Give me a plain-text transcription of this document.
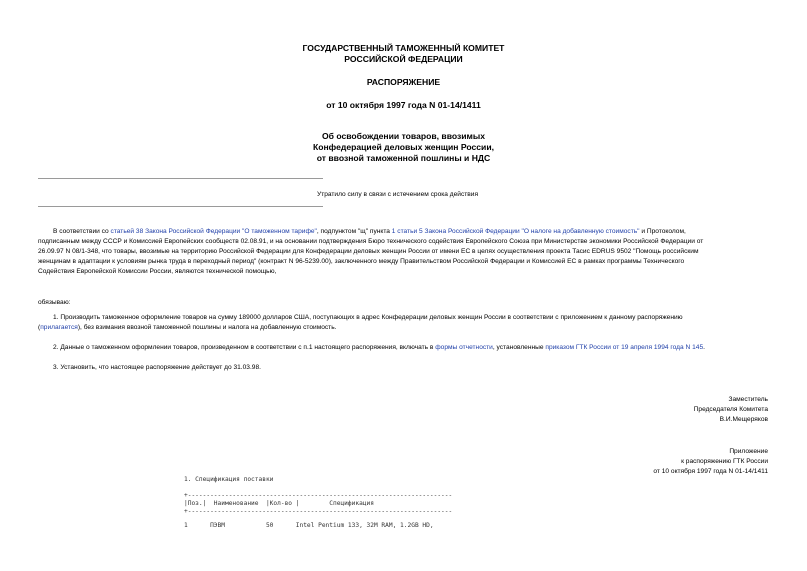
ГОСУДАРСТВЕННЫЙ ТАМОЖЕННЫЙ КОМИТЕТ
РОССИЙСКОЙ ФЕДЕРАЦИИ
РАСПОРЯЖЕНИЕ
от 10 октября 1997 года N 01-14/1411
Об освобождении товаров, ввозимых
Конфедерацией деловых женщин России,
от ввозной таможенной пошлины и НДС
Утратило силу в связи с истечением срока действия
В соответствии со статьей 38 Закона Российской Федерации "О таможенном тарифе", подпунктом "щ" пункта 1 статьи 5 Закона Российской Федерации "О налоге на добавленную стоимость" и Протоколом,
подписанным между СССР и Комиссией Европейских сообществ 02.08.91, и на основании подтверждения Бюро технического содействия Европейского Союза при Министерстве экономики Российской Федерации от
26.09.97 N 08/1-348, что товары, ввозимые на территорию Российской Федерации для Конфедерации деловых женщин России от имени ЕС в целях осуществления проекта Тасис EDRUS 9502 "Помощь российским
женщинам в адаптации к условиям рынка труда в переходный период" (контракт N 96-5239.00), заключенного между Правительством Российской Федерации и Комиссией ЕС в рамках программы Технического
Содействия Европейской Комиссии России, являются технической помощью,
обязываю:
1. Производить таможенное оформление товаров на сумму 189000 долларов США, поступающих в адрес Конфедерации деловых женщин России в соответствии с приложением к данному распоряжению
(прилагается), без взимания ввозной таможенной пошлины и налога на добавленную стоимость.
2. Данные о таможенном оформлении товаров, произведенном в соответствии с п.1 настоящего распоряжения, включать в формы отчетности, установленные приказом ГТК России от 19 апреля 1994 года N 145.
3. Установить, что настоящее распоряжение действует до 31.03.98.
Заместитель
Председателя Комитета
В.И.Мещеряков
Приложение
к распоряжению ГТК России
от 10 октября 1997 года N 01-14/1411
1. Спецификация поставки
+-----------------------------------------------------------------------
|Поз.|  Наименование  |Кол-во |        Спецификация
+-----------------------------------------------------------------------
1      ПЭВМ           50      Intel Pentium 133, 32M RAM, 1.2GB HD,
